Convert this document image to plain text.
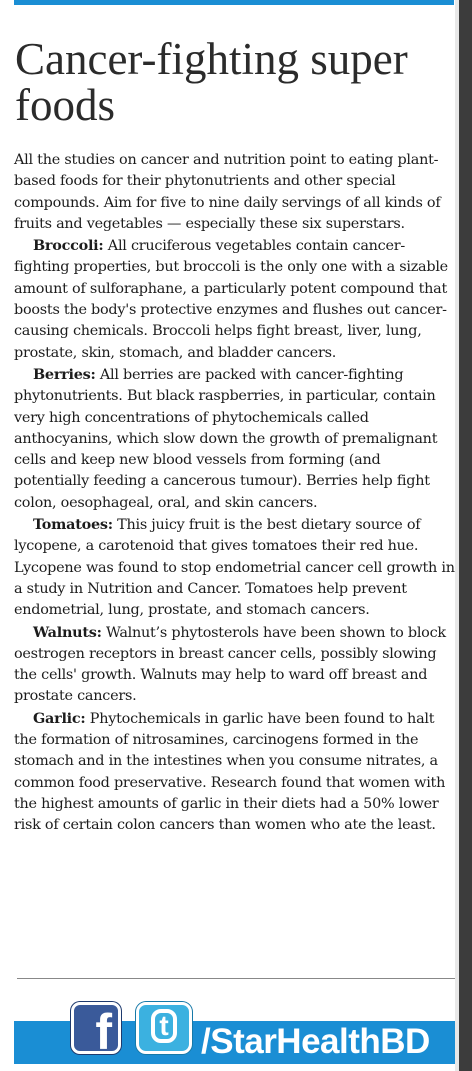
Cancer-fighting super foods

All the studies on cancer and nutrition point to eating plant-based foods for their phytonutrients and other special compounds. Aim for five to nine daily servings of all kinds of fruits and vegetables — especially these six superstars.

Broccoli: All cruciferous vegetables contain cancer-fighting properties, but broccoli is the only one with a sizable amount of sulforaphane, a particularly potent compound that boosts the body's protective enzymes and flushes out cancer-causing chemicals. Broccoli helps fight breast, liver, lung, prostate, skin, stomach, and bladder cancers.

Berries: All berries are packed with cancer-fighting phytonutrients. But black raspberries, in particular, contain very high concentrations of phytochemicals called anthocyanins, which slow down the growth of premalignant cells and keep new blood vessels from forming (and potentially feeding a cancerous tumour). Berries help fight colon, oesophageal, oral, and skin cancers.

Tomatoes: This juicy fruit is the best dietary source of lycopene, a carotenoid that gives tomatoes their red hue. Lycopene was found to stop endometrial cancer cell growth in a study in Nutrition and Cancer. Tomatoes help prevent endometrial, lung, prostate, and stomach cancers.

Walnuts: Walnut’s phytosterols have been shown to block oestrogen receptors in breast cancer cells, possibly slowing the cells' growth. Walnuts may help to ward off breast and prostate cancers.

Garlic: Phytochemicals in garlic have been found to halt the formation of nitrosamines, carcinogens formed in the stomach and in the intestines when you consume nitrates, a common food preservative. Research found that women with the highest amounts of garlic in their diets had a 50% lower risk of certain colon cancers than women who ate the least.

f t /StarHealthBD
